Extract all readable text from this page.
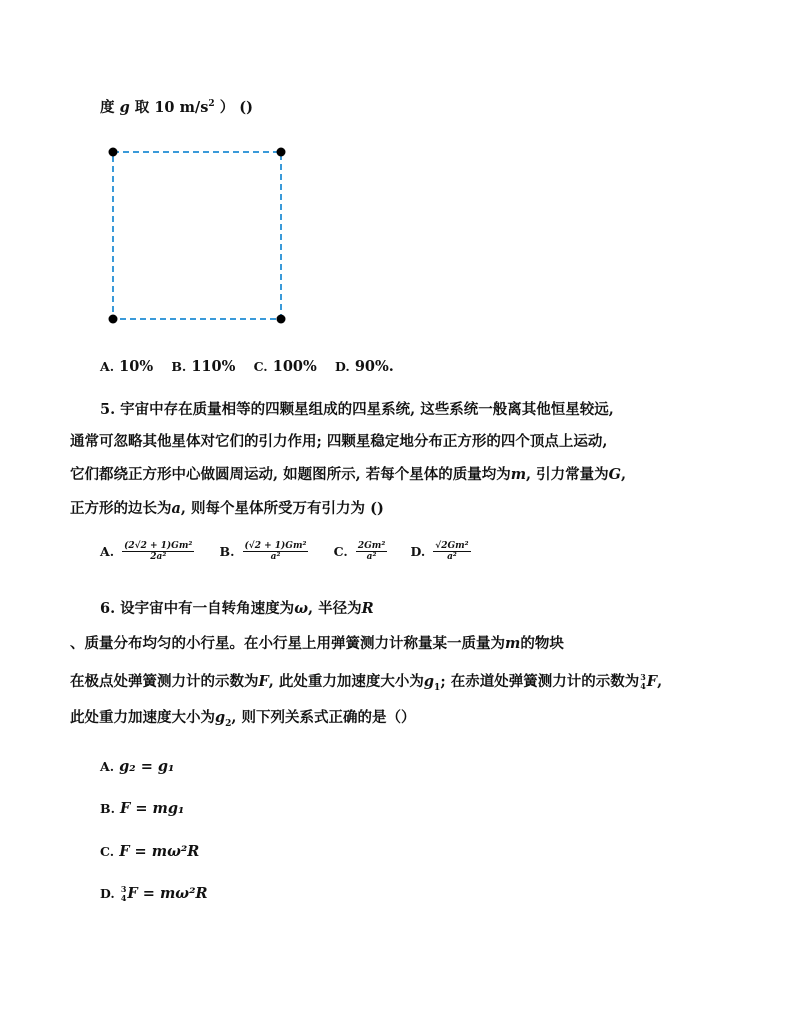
度 g 取 10 $m/s^2$ ） ()
A. 10% B. 110% C. 100% D. 90%.
5. 宇宙中存在质量相等的四颗星组成的四星系统, 这些系统一般离其他恒星较远,
通常可忽略其他星体对它们的引力作用; 四颗星稳定地分布正方形的四个顶点上运动,
它们都绕正方形中心做圆周运动, 如题图所示, 若每个星体的质量均为m, 引力常量为G,
正方形的边长为a, 则每个星体所受万有引力为 ()
A. $\frac{\text{(2√2 + 1)Gm²}}{\text{2a²}} B$. $\frac{\text{(√2 + 1)Gm²}}{\text{a²}} C$. $\frac{\text{2Gm²}}{\text{a²}} D$. $\frac{\text{√2Gm²}}{\text{a²}}$
6. 设宇宙中有一自转角速度为ω, 半径为R
、质量分布均匀的小行星。在小行星上用弹簧测力计称量某一质量为m的物块
在极点处弹簧测力计的示数为F, 此处重力加速度大小为$g_1$; 在赤道处弹簧测力计的示数为 3
4 F,
此处重力加速度大小为$g_2$, 则下列关系式正确的是（）
A. g₂ = g₁
B. F = mg₁
C. F = mω²R
D. 3
4 F = mω²R
